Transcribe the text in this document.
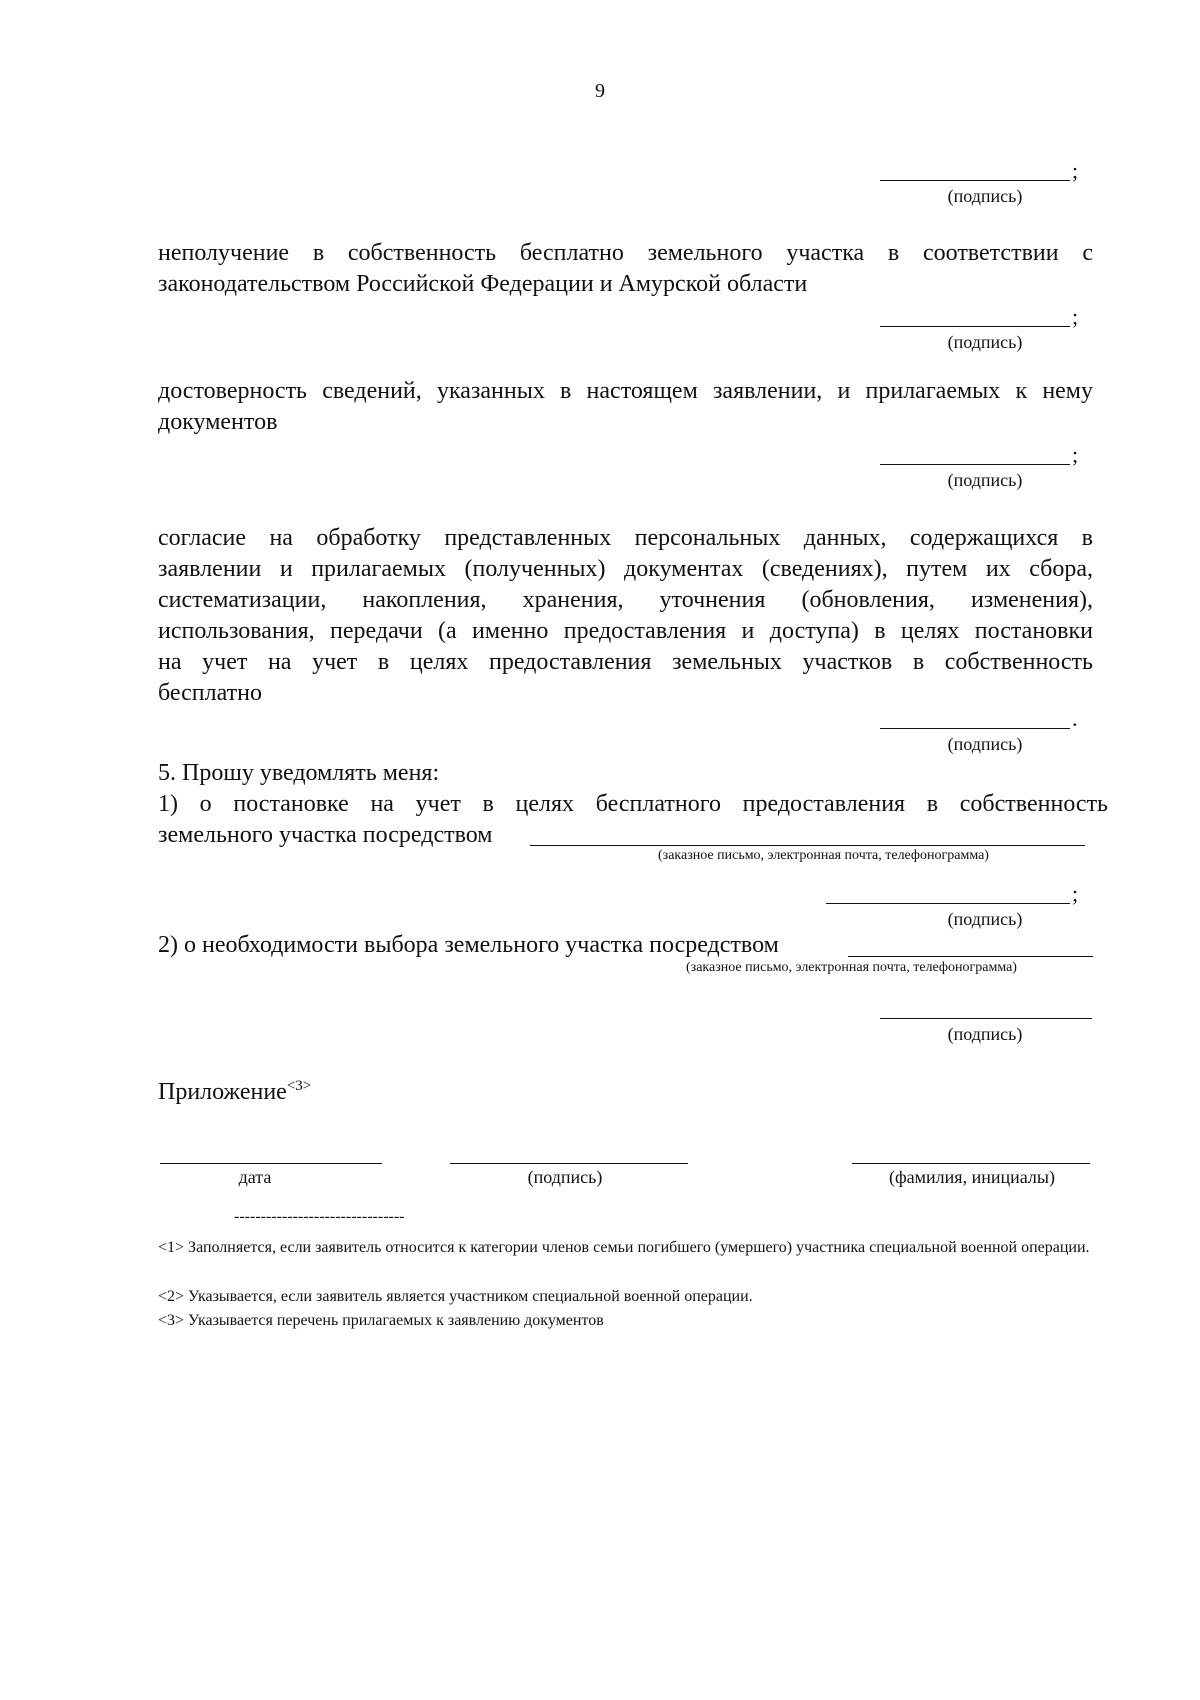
9
;
(подпись)
неполучение в собственность бесплатно земельного участка в соответствии с
законодательством Российской Федерации и Амурской области
;
(подпись)
достоверность сведений, указанных в настоящем заявлении, и прилагаемых к нему
документов
;
(подпись)
согласие на обработку представленных персональных данных, содержащихся в
заявлении и прилагаемых (полученных) документах (сведениях), путем их сбора,
систематизации, накопления, хранения, уточнения (обновления, изменения),
использования, передачи (а именно предоставления и доступа) в целях постановки
на учет на учет в целях предоставления земельных участков в собственность
бесплатно
.
(подпись)
5. Прошу уведомлять меня:
1) о постановке на учет в целях бесплатного предоставления в собственность
земельного участка посредством
(заказное письмо, электронная почта, телефонограмма)
;
(подпись)
2) о необходимости выбора земельного участка посредством
(заказное письмо, электронная почта, телефонограмма)
(подпись)
Приложение$^{<3>}$
дата	(подпись)	(фамилия, инициалы)
--------------------------------
<1> Заполняется, если заявитель относится к категории членов семьи погибшего (умершего) участника специальной военной операции.
<2> Указывается, если заявитель является участником специальной военной операции.
<3> Указывается перечень прилагаемых к заявлению документов
